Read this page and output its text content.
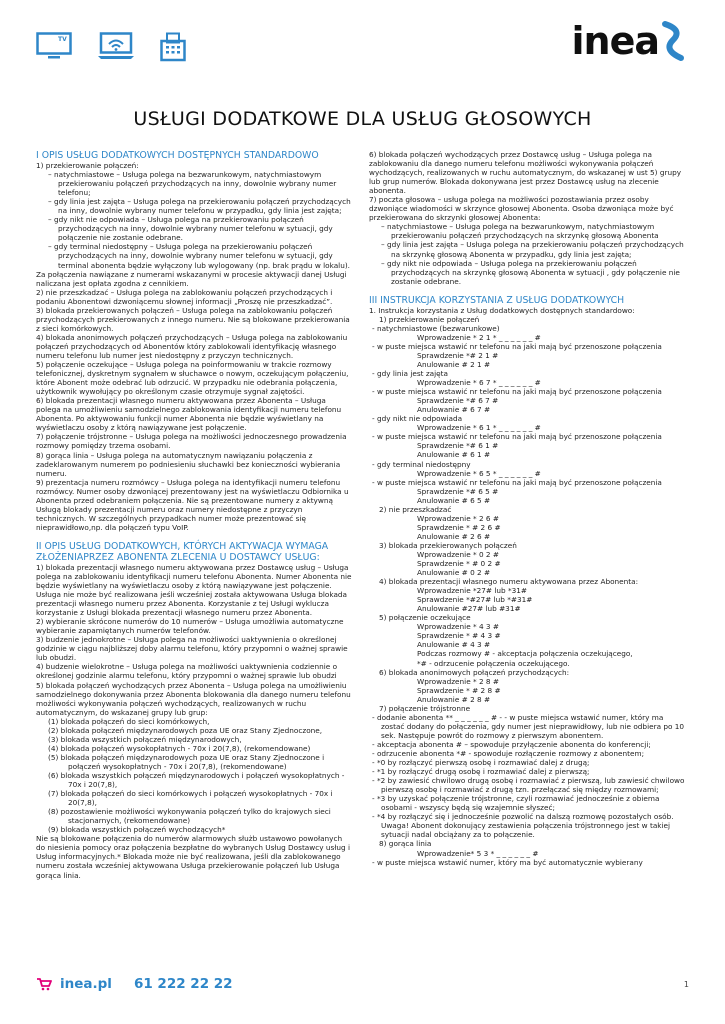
TV	inea
USŁUGI DODATKOWE DLA USŁUG GŁOSOWYCH

I OPIS USŁUG DODATKOWYCH DOSTĘPNYCH STANDARDOWO

1) przekierowanie połączeń:

– natychmiastowe – Usługa polega na bezwarunkowym, natychmiastowym przekierowaniu połączeń przychodzących na inny, dowolnie wybrany numer telefonu;

– gdy linia jest zajęta – Usługa polega na przekierowaniu połączeń przychodzących na inny, dowolnie wybrany numer telefonu w przypadku, gdy linia jest zajęta;

– gdy nikt nie odpowiada – Usługa polega na przekierowaniu połączeń przychodzących na inny, dowolnie wybrany numer telefonu w sytuacji, gdy połączenie nie zostanie odebrane.

– gdy terminal niedostępny – Usługa polega na przekierowaniu połączeń przychodzących na inny, dowolnie wybrany numer telefonu w sytuacji, gdy terminal abonenta będzie wyłączony lub wylogowany (np. brak prądu w lokalu).

Za połączenia nawiązane z numerami wskazanymi w procesie aktywacji danej Usługi naliczana jest opłata zgodna z cennikiem.

2) nie przeszkadzać – Usługa polega na zablokowaniu połączeń przychodzących i podaniu Abonentowi dzwoniącemu słownej informacji „Proszę nie przeszkadzać”.

3) blokada przekierowanych połączeń – Usługa polega na zablokowaniu połączeń przychodzących przekierowanych z innego numeru. Nie są blokowane przekierowania z sieci komórkowych.

4) blokada anonimowych połączeń przychodzących – Usługa polega na zablokowaniu połączeń przychodzących od Abonentów który zablokowali identyfikację własnego numeru telefonu lub numer jest niedostępny z przyczyn technicznych.

5) połączenie oczekujące – Usługa polega na poinformowaniu w trakcie rozmowy telefonicznej, dyskretnym sygnałem w słuchawce o nowym, oczekującym połączeniu, które Abonent może odebrać lub odrzucić. W przypadku nie odebrania połączenia, użytkownik wywołujący po określonym czasie otrzymuje sygnał zajętości.

6) blokada prezentacji własnego numeru aktywowana przez Abonenta – Usługa polega na umożliwieniu samodzielnego zablokowania identyfikacji numeru telefonu Abonenta. Po aktywowaniu funkcji numer Abonenta nie będzie wyświetlany na wyświetlaczu osoby z którą nawiązywane jest połączenie.

7) połączenie trójstronne – Usługa polega na możliwości jednoczesnego prowadzenia rozmowy pomiędzy trzema osobami.

8) gorąca linia – Usługa polega na automatycznym nawiązaniu połączenia z zadeklarowanym numerem po podniesieniu słuchawki bez konieczności wybierania numeru.

9) prezentacja numeru rozmówcy – Usługa polega na identyfikacji numeru telefonu rozmówcy. Numer osoby dzwoniącej prezentowany jest na wyświetlaczu Odbiornika u Abonenta przed odebraniem połączenia. Nie są prezentowane numery z aktywną Usługą blokady prezentacji numeru oraz numery niedostępne z przyczyn technicznych. W szczególnych przypadkach numer może prezentować się nieprawidłowo,np. dla połączeń typu VoIP.

II OPIS USŁUG DODATKOWYCH, KTÓRYCH AKTYWACJA WYMAGA ZŁOŻENIAPRZEZ ABONENTA ZLECENIA U DOSTAWCY USŁUG:

1) blokada prezentacji własnego numeru aktywowana przez Dostawcę usług – Usługa polega na zablokowaniu identyfikacji numeru telefonu Abonenta. Numer Abonenta nie będzie wyświetlany na wyświetlaczu osoby z którą nawiązywane jest połączenie. Usługa nie może być realizowana jeśli wcześniej została aktywowana Usługa blokada prezentacji własnego numeru przez Abonenta. Korzystanie z tej Usługi wyklucza korzystanie z Usługi blokada prezentacji własnego numeru przez Abonenta.

2) wybieranie skrócone numerów do 10 numerów – Usługa umożliwia automatyczne wybieranie zapamiętanych numerów telefonów.

3) budzenie jednokrotne – Usługa polega na możliwości uaktywnienia o określonej godzinie w ciągu najbliższej doby alarmu telefonu, który przypomni o ważnej sprawie lub obudzi.

4) budzenie wielokrotne – Usługa polega na możliwości uaktywnienia codziennie o określonej godzinie alarmu telefonu, który przypomni o ważnej sprawie lub obudzi

5) blokada połączeń wychodzących przez Abonenta – Usługa polega na umożliwieniu samodzielnego dokonywania przez Abonenta blokowania dla danego numeru telefonu możliwości wykonywania połączeń wychodzących, realizowanych w ruchu automatycznym, do wskazanej grupy lub grup:

(1) blokada połączeń do sieci komórkowych,

(2) blokada połączeń międzynarodowych poza UE oraz Stany Zjednoczone,

(3) blokada wszystkich połączeń międzynarodowych,

(4) blokada połączeń wysokopłatnych - 70x i 20(7,8), (rekomendowane)

(5) blokada połączeń międzynarodowych poza UE oraz Stany Zjednoczone i połączeń wysokopłatnych - 70x i 20(7,8), (rekomendowane)

(6) blokada wszystkich połączeń międzynarodowych i połączeń wysokopłatnych - 70x i 20(7,8),

(7) blokada połączeń do sieci komórkowych i połączeń wysokopłatnych - 70x i 20(7,8),

(8) pozostawienie możliwości wykonywania połączeń tylko do krajowych sieci stacjonarnych, (rekomendowane)

(9) blokada wszystkich połączeń wychodzących*

Nie są blokowane połączenia do numerów alarmowych służb ustawowo powołanych do niesienia pomocy oraz połączenia bezpłatne do wybranych Usług Dostawcy usług i Usług informacyjnych.* Blokada może nie być realizowana, jeśli dla zablokowanego numeru została wcześniej aktywowana Usługa przekierowanie połączeń lub Usługa gorąca linia.

6) blokada połączeń wychodzących przez Dostawcę usług – Usługa polega na zablokowaniu dla danego numeru telefonu możliwości wykonywania połączeń wychodzących, realizowanych w ruchu automatycznym, do wskazanej w ust 5) grupy lub grup numerów. Blokada dokonywana jest przez Dostawcę usług na zlecenie abonenta.

7) poczta głosowa – usługa polega na możliwości pozostawiania przez osoby dzwoniące wiadomości w skrzynce głosowej Abonenta. Osoba dzwoniąca może być przekierowana do skrzynki głosowej Abonenta:

– natychmiastowe – Usługa polega na bezwarunkowym, natychmiastowym przekierowaniu połączeń przychodzących na skrzynkę głosową Abonenta

– gdy linia jest zajęta – Usługa polega na przekierowaniu połączeń przychodzących na skrzynkę głosową Abonenta w przypadku, gdy linia jest zajęta;

– gdy nikt nie odpowiada – Usługa polega na przekierowaniu połączeń przychodzących na skrzynkę głosową Abonenta w sytuacji , gdy połączenie nie zostanie odebrane.

III INSTRUKCJA KORZYSTANIA Z USŁUG DODATKOWYCH

1. Instrukcja korzystania z Usług dodatkowych dostępnych standardowo:

1) przekierowanie połączeń

- natychmiastowe (bezwarunkowe)

Wprowadzenie * 2 1 * _ _ _ _ _ _ #

- w puste miejsca wstawić nr telefonu na jaki mają być przenoszone połączenia

Sprawdzenie *# 2 1 #

Anulowanie # 2 1 #

- gdy linia jest zajęta

Wprowadzenie * 6 7 * _ _ _ _ _ _ #

- w puste miejsca wstawić nr telefonu na jaki mają być przenoszone połączenia

Sprawdzenie *# 6 7 #

Anulowanie # 6 7 #

- gdy nikt nie odpowiada

Wprowadzenie * 6 1 * _ _ _ _ _ _ #

- w puste miejsca wstawić nr telefonu na jaki mają być przenoszone połączenia

Sprawdzenie *# 6 1 #

Anulowanie # 6 1 #

- gdy terminal niedostępny

Wprowadzenie * 6 5 * _ _ _ _ _ _ #

- w puste miejsca wstawić nr telefonu na jaki mają być przenoszone połączenia

Sprawdzenie *# 6 5 #

Anulowanie # 6 5 #

2) nie przeszkadzać

Wprowadzenie * 2 6 #

Sprawdzenie * # 2 6 #

Anulowanie # 2 6 #

3) blokada przekierowanych połączeń

Wprowadzenie * 0 2 #

Sprawdzenie * # 0 2 #

Anulowanie # 0 2 #

4) blokada prezentacji własnego numeru aktywowana przez Abonenta:

Wprowadzenie *27# lub *31#

Sprawdzenie *#27# lub *#31#

Anulowanie #27# lub #31#

5) połączenie oczekujące

Wprowadzenie * 4 3 #

Sprawdzenie * # 4 3 #

Anulowanie # 4 3 #

Podczas rozmowy # - akceptacja połączenia oczekującego,

*# - odrzucenie połączenia oczekującego.

6) blokada anonimowych połączeń przychodzących:

Wprowadzenie * 2 8 #

Sprawdzenie * # 2 8 #

Anulowanie # 2 8 #

7) połączenie trójstronne

- dodanie abonenta ** _ _ _ _ _ _ # - - w puste miejsca wstawić numer, który ma zostać dodany do połączenia, gdy numer jest nieprawidłowy, lub nie odbiera po 10 sek. Następuje powrót do rozmowy z pierwszym abonentem.

- akceptacja abonenta # – spowoduje przyłączenie abonenta do konferencji;

- odrzucenie abonenta *# - spowoduje rozłączenie rozmowy z abonentem;

- *0 by rozłączyć pierwszą osobę i rozmawiać dalej z drugą;

- *1 by rozłączyć drugą osobę i rozmawiać dalej z pierwszą;

- *2 by zawiesić chwilowo drugą osobę i rozmawiać z pierwszą, lub zawiesić chwilowo pierwszą osobę i rozmawiać z drugą tzn. przełączać się między rozmowami;

- *3 by uzyskać połączenie trójstronne, czyli rozmawiać jednocześnie z obiema osobami - wszyscy będą się wzajemnie słyszeć;

- *4 by rozłączyć się i jednocześnie pozwolić na dalszą rozmowę pozostałych osób. Uwaga! Abonent dokonujący zestawienia połączenia trójstronnego jest w takiej sytuacji nadal obciążany za to połączenie.

8) gorąca linia

Wprowadzenie* 5 3 * _ _ _ _ _ _ #

- w puste miejsca wstawić numer, który ma być automatycznie wybierany

inea.pl 61 222 22 22	1
